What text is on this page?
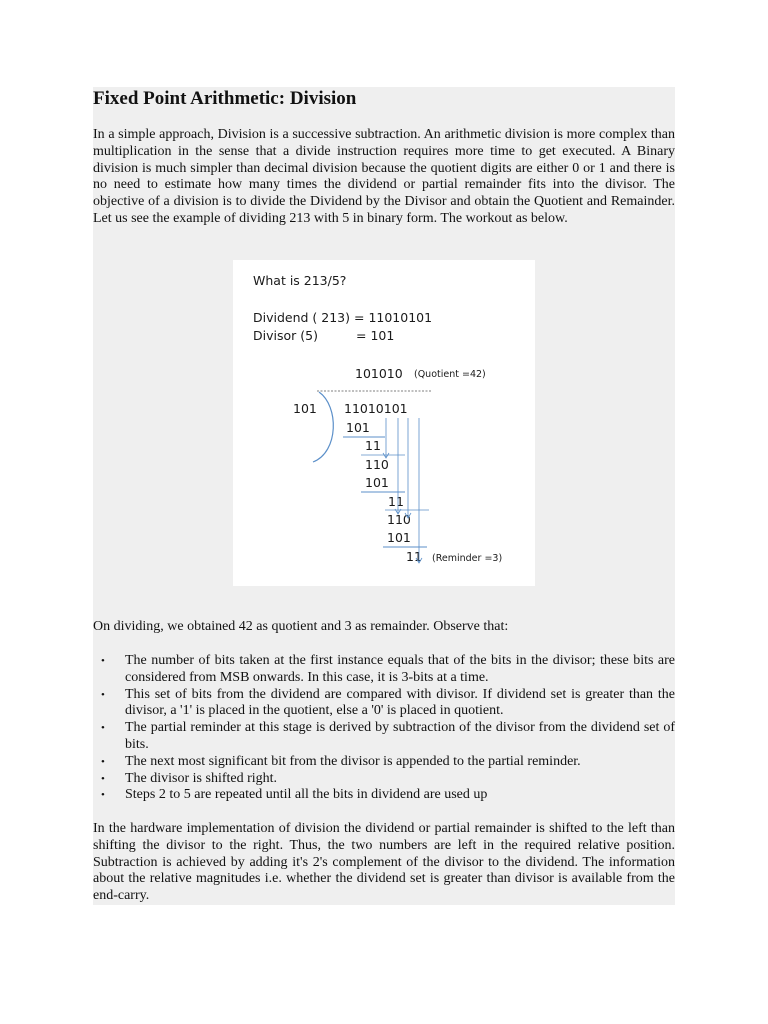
Fixed Point Arithmetic: Division

In a simple approach, Division is a successive subtraction. An arithmetic division is more complex than multiplication in the sense that a divide instruction requires more time to get executed. A Binary division is much simpler than decimal division because the quotient digits are either 0 or 1 and there is no need to estimate how many times the dividend or partial remainder fits into the divisor. The objective of a division is to divide the Dividend by the Divisor and obtain the Quotient and Remainder. Let us see the example of dividing 213 with 5 in binary form. The workout as below.

What is 213/5?
Dividend ( 213) = 11010101
Divisor (5)	= 101
101010 (Quotient =42)
101 11010101
101
11
110
101
11
110
101
11 (Reminder =3)

On dividing, we obtained 42 as quotient and 3 as remainder. Observe that:

• The number of bits taken at the first instance equals that of the bits in the divisor; these bits are considered from MSB onwards. In this case, it is 3-bits at a time.
• This set of bits from the dividend are compared with divisor. If dividend set is greater than the divisor, a '1' is placed in the quotient, else a '0' is placed in quotient.
• The partial reminder at this stage is derived by subtraction of the divisor from the dividend set of bits.
• The next most significant bit from the divisor is appended to the partial reminder.
• The divisor is shifted right.
• Steps 2 to 5 are repeated until all the bits in dividend are used up

In the hardware implementation of division the dividend or partial remainder is shifted to the left than shifting the divisor to the right. Thus, the two numbers are left in the required relative position. Subtraction is achieved by adding it's 2's complement of the divisor to the dividend. The information about the relative magnitudes i.e. whether the dividend set is greater than divisor is available from the end-carry.
